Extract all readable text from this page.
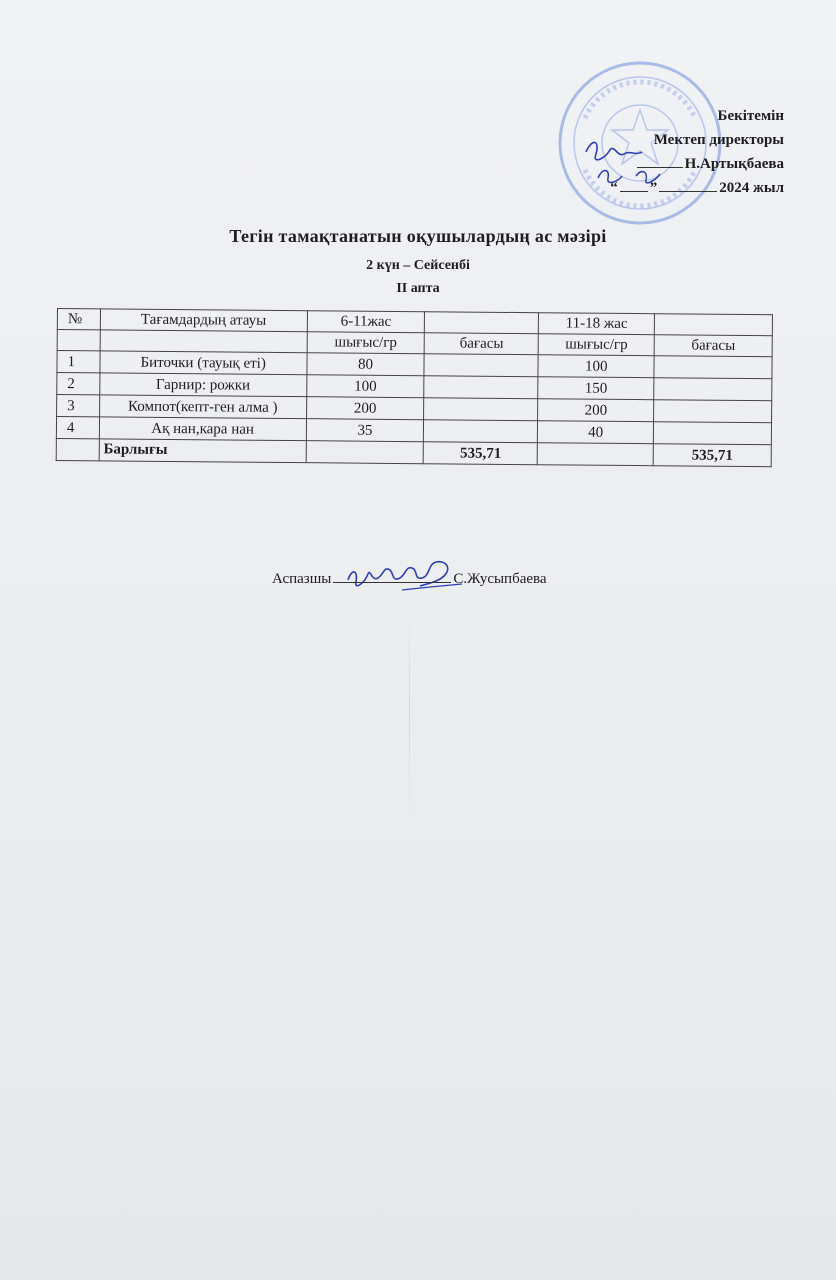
Бекітемін
Мектеп директоры
Н.Артықбаева
“ ”	2024 жыл
Тегін тамақтанатын оқушылардың ас мәзірі
2 күн – Сейсенбі
ІІ апта
№	Тағамдардың атауы	6-11жас		11-18 жас	
		шығыс/гр	бағасы	шығыс/гр	бағасы
1	Биточки (тауық еті)	80		100	
2	Гарнир: рожки	100		150	
3	Компот(кепт-ген алма )	200		200	
4	Ақ нан,кара нан	35		40	
	Барлығы		535,71		535,71
Аспазшы	С.Жусыпбаева
